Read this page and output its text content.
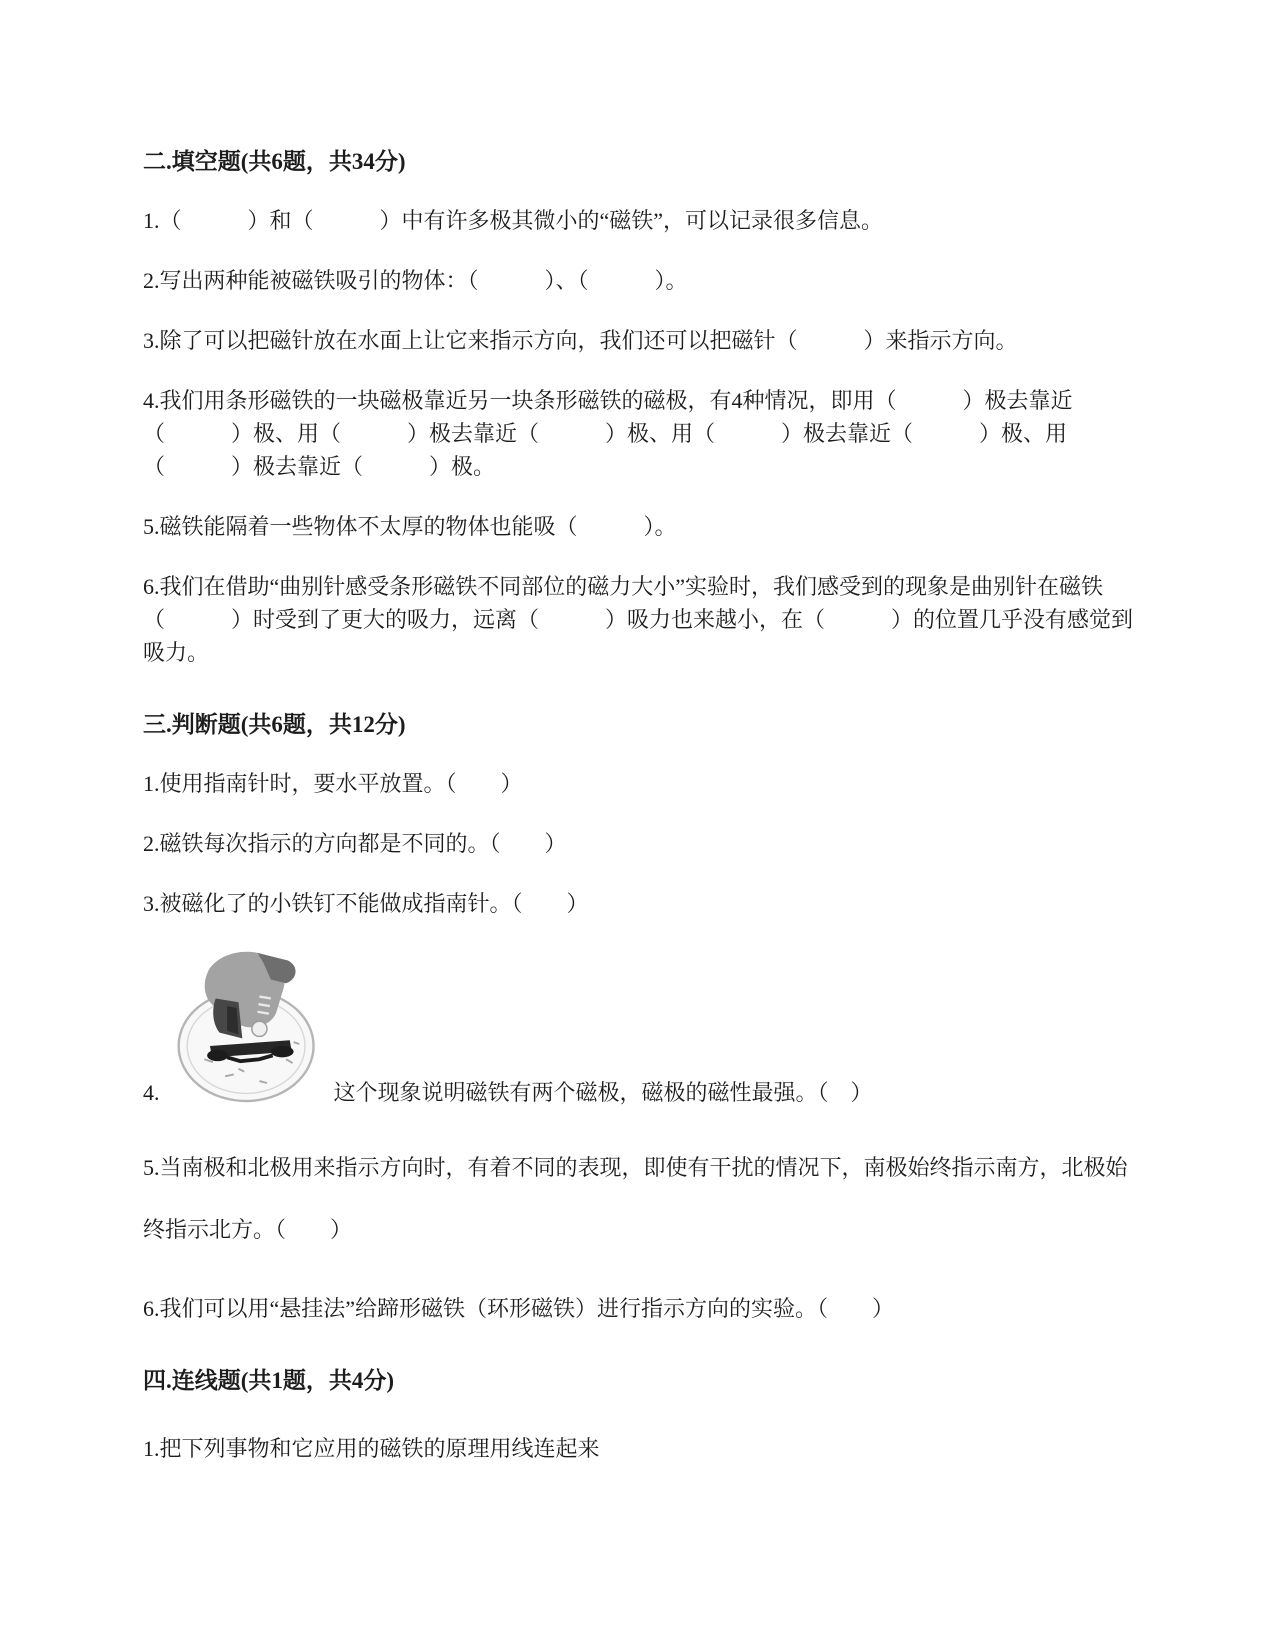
二.填空题(共6题，共34分)

1.（　　　）和（　　　）中有许多极其微小的“磁铁”，可以记录很多信息。

2.写出两种能被磁铁吸引的物体：（　　　）、（　　　）。

3.除了可以把磁针放在水面上让它来指示方向，我们还可以把磁针（　　　）来指示方向。

4.我们用条形磁铁的一块磁极靠近另一块条形磁铁的磁极，有4种情况，即用（　　　）极去靠近（　　　）极、用（　　　）极去靠近（　　　）极、用（　　　）极去靠近（　　　）极、用（　　　）极去靠近（　　　）极。

5.磁铁能隔着一些物体不太厚的物体也能吸（　　　）。

6.我们在借助“曲别针感受条形磁铁不同部位的磁力大小”实验时，我们感受到的现象是曲别针在磁铁（　　　）时受到了更大的吸力，远离（　　　）吸力也来越小，在（　　　）的位置几乎没有感觉到吸力。

三.判断题(共6题，共12分)

1.使用指南针时，要水平放置。（　　）

2.磁铁每次指示的方向都是不同的。（　　）

3.被磁化了的小铁钉不能做成指南针。（　　）

4.	这个现象说明磁铁有两个磁极，磁极的磁性最强。（　）

5.当南极和北极用来指示方向时，有着不同的表现，即使有干扰的情况下，南极始终指示南方，北极始终指示北方。（　　）

6.我们可以用“悬挂法”给蹄形磁铁（环形磁铁）进行指示方向的实验。（　　）

四.连线题(共1题，共4分)

1.把下列事物和它应用的磁铁的原理用线连起来
